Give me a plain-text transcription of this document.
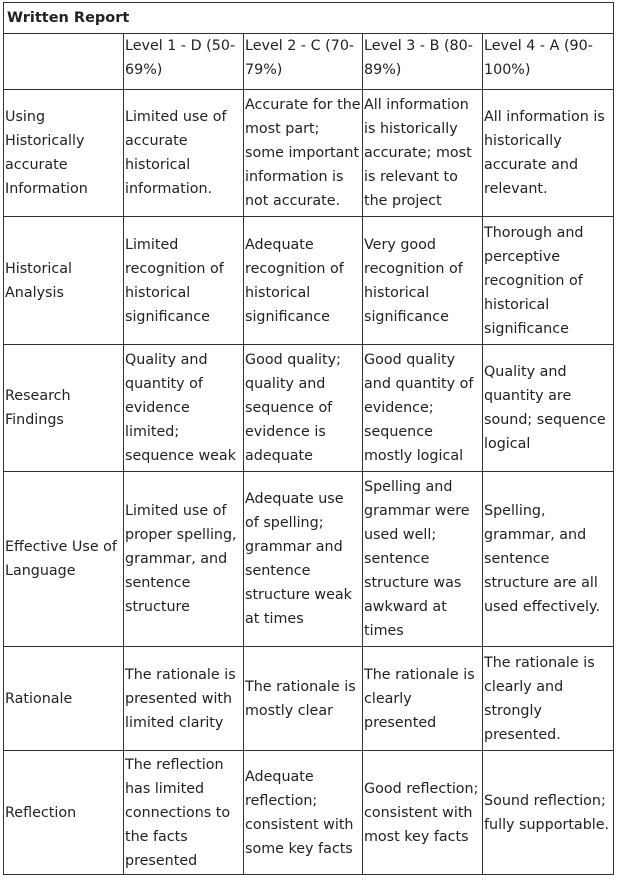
Written Report				
	Level 1 - D (50-69%)	Level 2 - C (70-79%)	Level 3 - B (80-89%)	Level 4 - A (90-100%)
Using Historically accurate Information	Limited use of accurate historical information.	Accurate for the most part; some important information is not accurate.	All information is historically accurate; most is relevant to the project	All information is historically accurate and relevant.
Historical Analysis	Limited recognition of historical significance	Adequate recognition of historical significance	Very good recognition of historical significance	Thorough and perceptive recognition of historical significance
Research Findings	Quality and quantity of evidence limited; sequence weak	Good quality; quality and sequence of evidence is adequate	Good quality and quantity of evidence; sequence mostly logical	Quality and quantity are sound; sequence logical
Effective Use of Language	Limited use of proper spelling, grammar, and sentence structure	Adequate use of spelling; grammar and sentence structure weak at times	Spelling and grammar were used well; sentence structure was awkward at times	Spelling, grammar, and sentence structure are all used effectively.
Rationale	The rationale is presented with limited clarity	The rationale is mostly clear	The rationale is clearly presented	The rationale is clearly and strongly presented.
Reflection	The reflection has limited connections to the facts presented	Adequate reflection; consistent with some key facts	Good reflection; consistent with most key facts	Sound reflection; fully supportable.
